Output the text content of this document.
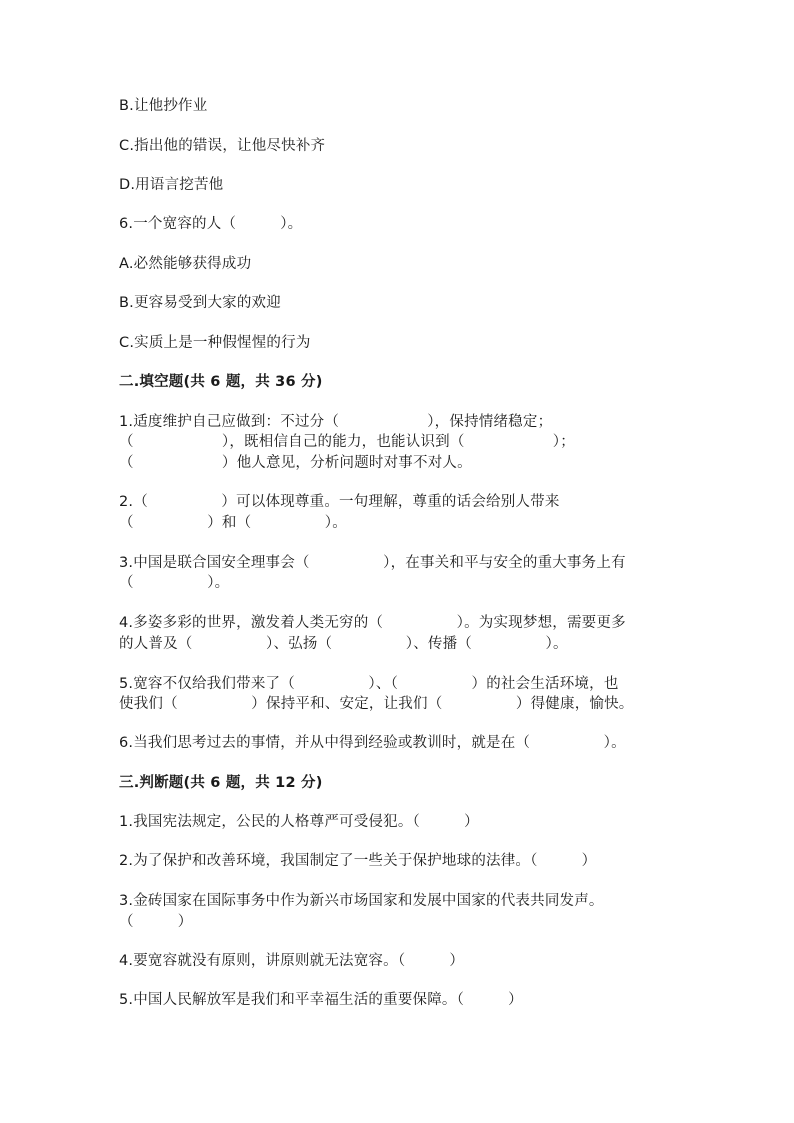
B.让他抄作业
C.指出他的错误，让他尽快补齐
D.用语言挖苦他
6.一个宽容的人（　　　）。
A.必然能够获得成功
B.更容易受到大家的欢迎
C.实质上是一种假惺惺的行为
二.填空题(共 6 题，共 36 分)
1.适度维护自己应做到：不过分（　　　　　　），保持情绪稳定；
（　　　　　　），既相信自己的能力，也能认识到（　　　　　　）；
（　　　　　　）他人意见，分析问题时对事不对人。
2.（　　　　　）可以体现尊重。一句理解，尊重的话会给别人带来
（　　　　　）和（　　　　　）。
3.中国是联合国安全理事会（　　　　　），在事关和平与安全的重大事务上有
（　　　　　）。
4.多姿多彩的世界，激发着人类无穷的（　　　　　）。为实现梦想，需要更多
的人普及（　　　　　）、弘扬（　　　　　）、传播（　　　　　）。
5.宽容不仅给我们带来了（　　　　　）、（　　　　　）的社会生活环境，也
使我们（　　　　　）保持平和、安定，让我们（　　　　　）得健康，愉快。
6.当我们思考过去的事情，并从中得到经验或教训时，就是在（　　　　　）。
三.判断题(共 6 题，共 12 分)
1.我国宪法规定，公民的人格尊严可受侵犯。（　　　）
2.为了保护和改善环境，我国制定了一些关于保护地球的法律。（　　　）
3.金砖国家在国际事务中作为新兴市场国家和发展中国家的代表共同发声。
（　　　）
4.要宽容就没有原则，讲原则就无法宽容。（　　　）
5.中国人民解放军是我们和平幸福生活的重要保障。（　　　）
